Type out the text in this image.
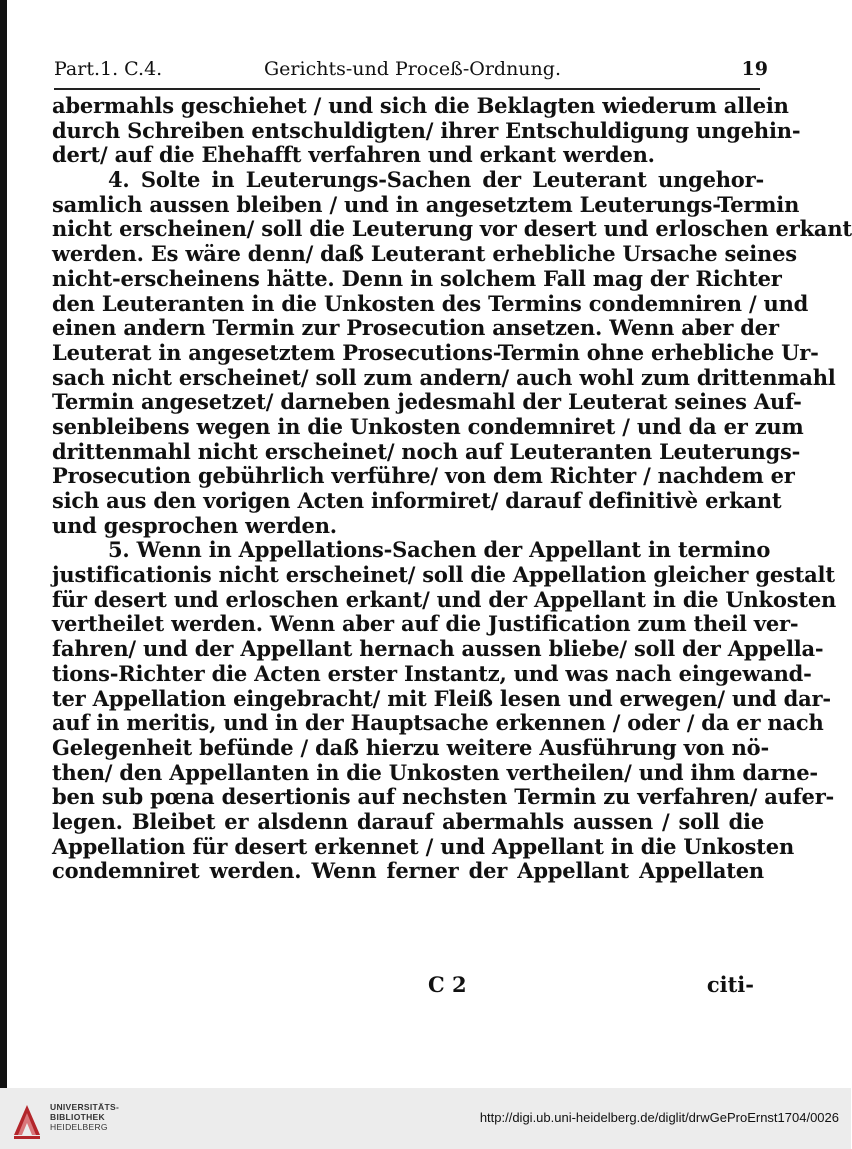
Part.1. C.4.	Gerichts-und Proceß-Ordnung.	19
abermahls geschiehet / und sich die Beklagten wiederum allein
durch Schreiben entschuldigten/ ihrer Entschuldigung ungehin-
dert/ auf die Ehehafft verfahren und erkant werden.
4. Solte in Leuterungs-Sachen der Leuterant ungehor-
samlich aussen bleiben / und in angesetztem Leuterungs-Termin
nicht erscheinen/ soll die Leuterung vor desert und erloschen erkant
werden. Es wäre denn/ daß Leuterant erhebliche Ursache seines
nicht-erscheinens hätte. Denn in solchem Fall mag der Richter
den Leuteranten in die Unkosten des Termins condemniren / und
einen andern Termin zur Prosecution ansetzen. Wenn aber der
Leuterat in angesetztem Prosecutions-Termin ohne erhebliche Ur-
sach nicht erscheinet/ soll zum andern/ auch wohl zum drittenmahl
Termin angesetzet/ darneben jedesmahl der Leuterat seines Auf-
senbleibens wegen in die Unkosten condemniret / und da er zum
drittenmahl nicht erscheinet/ noch auf Leuteranten Leuterungs-
Prosecution gebührlich verführe/ von dem Richter / nachdem er
sich aus den vorigen Acten informiret/ darauf definitivè erkant
und gesprochen werden.
5. Wenn in Appellations-Sachen der Appellant in termino
justificationis nicht erscheinet/ soll die Appellation gleicher gestalt
für desert und erloschen erkant/ und der Appellant in die Unkosten
vertheilet werden. Wenn aber auf die Justification zum theil ver-
fahren/ und der Appellant hernach aussen bliebe/ soll der Appella-
tions-Richter die Acten erster Instantz, und was nach eingewand-
ter Appellation eingebracht/ mit Fleiß lesen und erwegen/ und dar-
auf in meritis, und in der Hauptsache erkennen / oder / da er nach
Gelegenheit befünde / daß hierzu weitere Ausführung von nö-
then/ den Appellanten in die Unkosten vertheilen/ und ihm darne-
ben sub pœna desertionis auf nechsten Termin zu verfahren/ aufer-
legen. Bleibet er alsdenn darauf abermahls aussen / soll die
Appellation für desert erkennet / und Appellant in die Unkosten
condemniret werden. Wenn ferner der Appellant Appellaten
C 2	citi-
UNIVERSITÄTS-
BIBLIOTHEK
HEIDELBERG
http://digi.ub.uni-heidelberg.de/diglit/drwGeProErnst1704/0026
